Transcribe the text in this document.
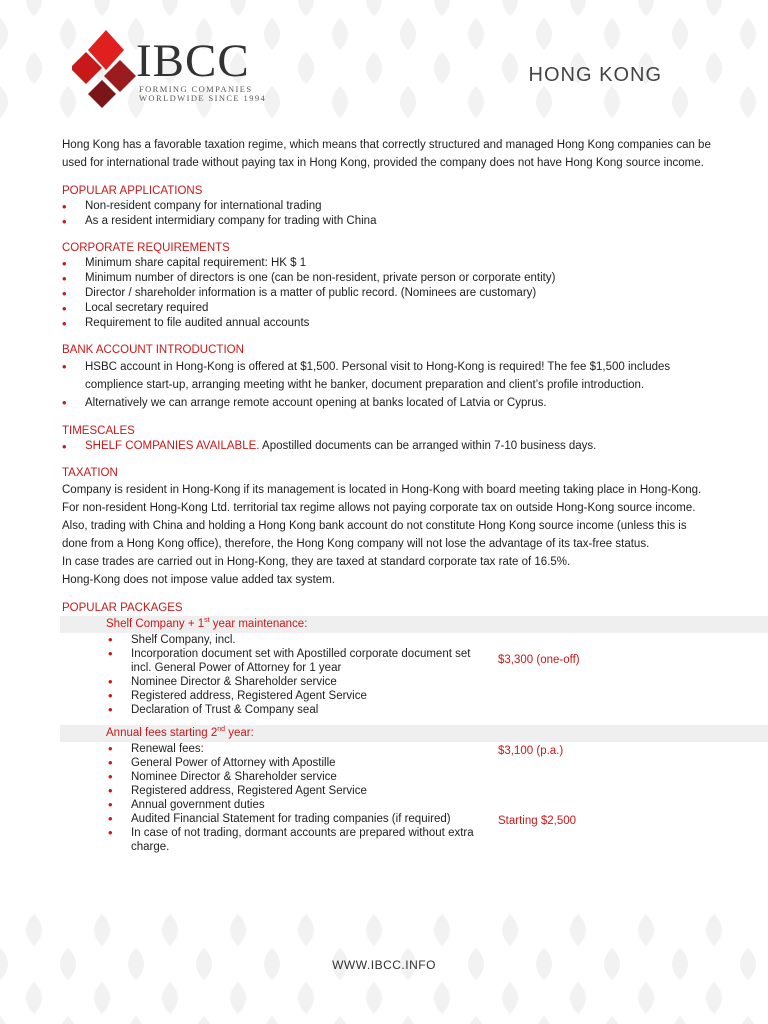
IBCC
FORMING COMPANIES
WORLDWIDE SINCE 1994
HONG KONG

Hong Kong has a favorable taxation regime, which means that correctly structured and managed Hong Kong companies can be used for international trade without paying tax in Hong Kong, provided the company does not have Hong Kong source income.

POPULAR APPLICATIONS
• Non-resident company for international trading
• As a resident intermidiary company for trading with China
CORPORATE REQUIREMENTS
• Minimum share capital requirement: HK $ 1
• Minimum number of directors is one (can be non-resident, private person or corporate entity)
• Director / shareholder information is a matter of public record. (Nominees are customary)
• Local secretary required
• Requirement to file audited annual accounts
BANK ACCOUNT INTRODUCTION
• HSBC account in Hong-Kong is offered at $1,500. Personal visit to Hong-Kong is required! The fee $1,500 includes complience start-up, arranging meeting witht he banker, document preparation and client’s profile introduction.
• Alternatively we can arrange remote account opening at banks located of Latvia or Cyprus.
TIMESCALES
• SHELF COMPANIES AVAILABLE. Apostilled documents can be arranged within 7-10 business days.
TAXATION

Company is resident in Hong-Kong if its management is located in Hong-Kong with board meeting taking place in Hong-Kong. For non-resident Hong-Kong Ltd. territorial tax regime allows not paying corporate tax on outside Hong-Kong source income. Also, trading with China and holding a Hong Kong bank account do not constitute Hong Kong source income (unless this is done from a Hong Kong office), therefore, the Hong Kong company will not lose the advantage of its tax-free status.

In case trades are carried out in Hong-Kong, they are taxed at standard corporate tax rate of 16.5%.

Hong-Kong does not impose value added tax system.

POPULAR PACKAGES
Shelf Company + 1st year maintenance:
• Shelf Company, incl.
• Incorporation document set with Apostilled corporate document set incl. General Power of Attorney for 1 year
• Nominee Director & Shareholder service
• Registered address, Registered Agent Service
• Declaration of Trust & Company seal
$3,300 (one-off)
Annual fees starting 2nd year:
• Renewal fees:
• General Power of Attorney with Apostille
• Nominee Director & Shareholder service
• Registered address, Registered Agent Service
• Annual government duties
$3,100 (p.a.)
• Audited Financial Statement for trading companies (if required)
• In case of not trading, dormant accounts are prepared without extra charge.
Starting $2,500
WWW.IBCC.INFO
